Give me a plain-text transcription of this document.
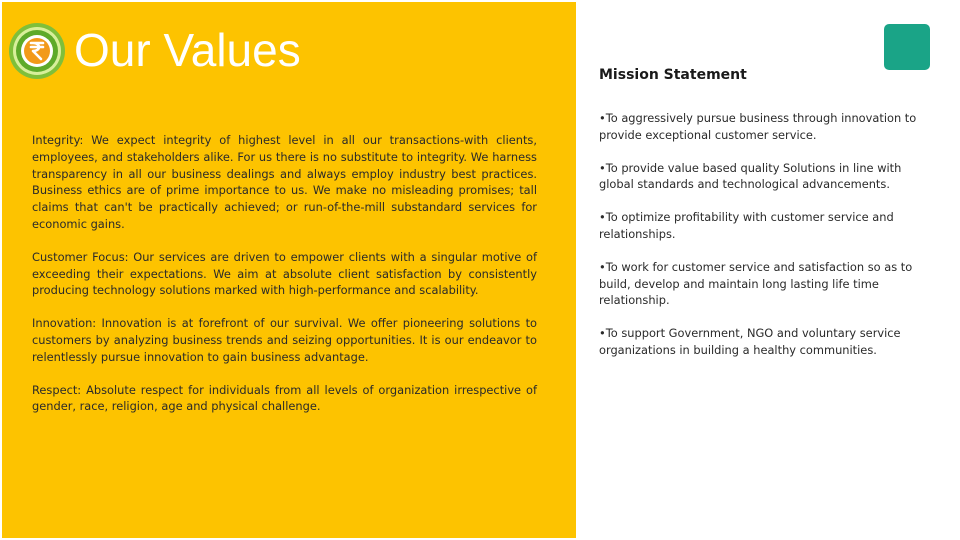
Our Values

Integrity: We expect integrity of highest level in all our transactions-with clients, employees, and stakeholders alike. For us there is no substitute to integrity. We harness transparency in all our business dealings and always employ industry best practices. Business ethics are of prime importance to us. We make no misleading promises; tall claims that can't be practically achieved; or run-of-the-mill substandard services for economic gains.

Customer Focus: Our services are driven to empower clients with a singular motive of exceeding their expectations. We aim at absolute client satisfaction by consistently producing technology solutions marked with high-performance and scalability.

Innovation: Innovation is at forefront of our survival. We offer pioneering solutions to customers by analyzing business trends and seizing opportunities. It is our endeavor to relentlessly pursue innovation to gain business advantage.

Respect: Absolute respect for individuals from all levels of organization irrespective of gender, race, religion, age and physical challenge.

Mission Statement
•To aggressively pursue business through innovation to provide exceptional customer service.
•To provide value based quality Solutions in line with global standards and technological advancements.
•To optimize profitability with customer service and relationships.
•To work for customer service and satisfaction so as to build, develop and maintain long lasting life time relationship.
•To support Government, NGO and voluntary service organizations in building a healthy communities.
